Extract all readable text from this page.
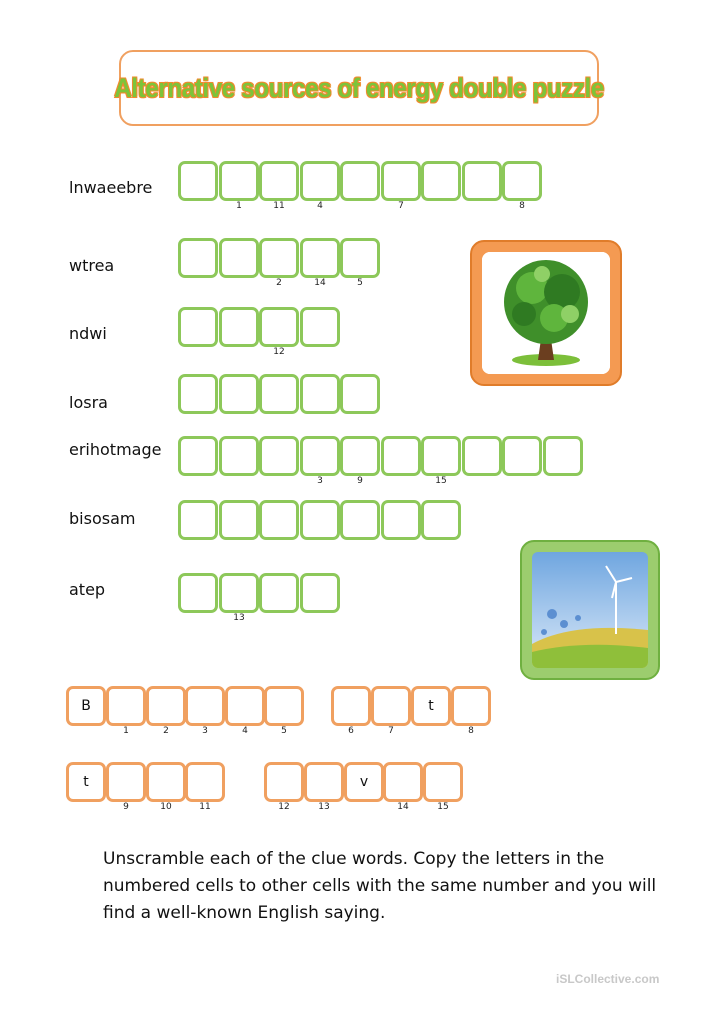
Alternative sources of energy double puzzle
lnwaeebre
wtrea
ndwi
losra
erihotmage
bisosam
atep
1	11	4	7	8
2	14	5
12
3	9	15
13
B
1	2	3	4	5	6	7
t
8
t
9	10	11	12	13
v
14	15
Unscramble each of the clue words. Copy the letters in the numbered cells to other cells with the same number and you will find a well-known English saying.
iSLCollective.com
